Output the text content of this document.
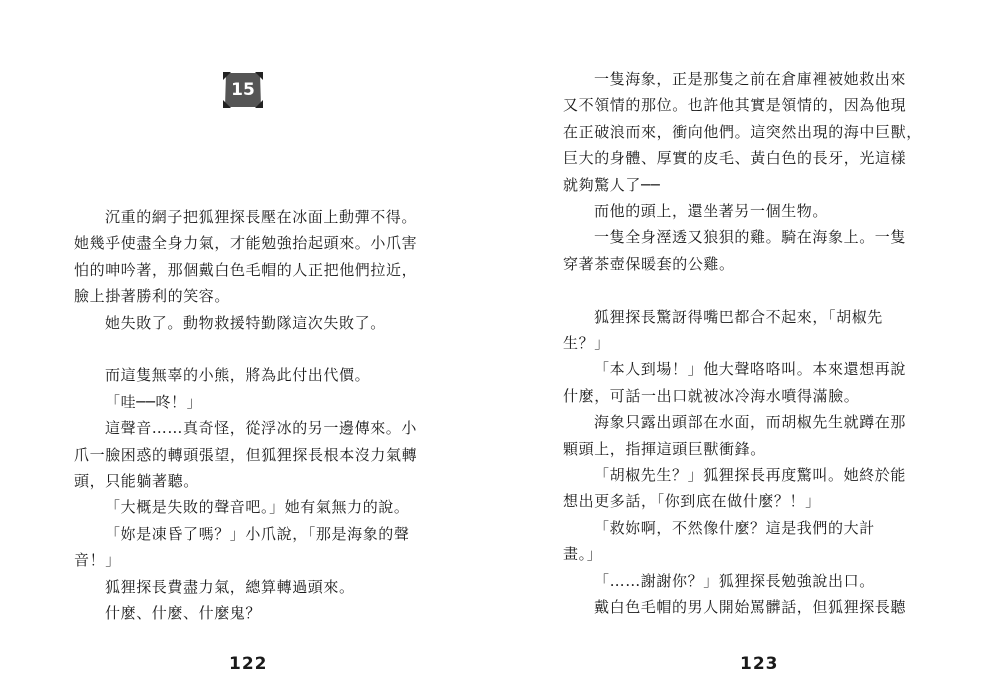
15

沉重的網子把狐狸探長壓在冰面上動彈不得。
她幾乎使盡全身力氣，才能勉強抬起頭來。小爪害
怕的呻吟著，那個戴白色毛帽的人正把他們拉近，
臉上掛著勝利的笑容。

她失敗了。動物救援特勤隊這次失敗了。

而這隻無辜的小熊，將為此付出代價。

「哇──咚！」

這聲音……真奇怪，從浮冰的另一邊傳來。小
爪一臉困惑的轉頭張望，但狐狸探長根本沒力氣轉
頭，只能躺著聽。

「大概是失敗的聲音吧。」她有氣無力的說。

「妳是凍昏了嗎？」小爪說，「那是海象的聲
音！」

狐狸探長費盡力氣，總算轉過頭來。

什麼、什麼、什麼鬼？

122

一隻海象，正是那隻之前在倉庫裡被她救出來
又不領情的那位。也許他其實是領情的，因為他現
在正破浪而來，衝向他們。這突然出現的海中巨獸，
巨大的身體、厚實的皮毛、黃白色的長牙，光這樣
就夠驚人了──

而他的頭上，還坐著另一個生物。

一隻全身溼透又狼狽的雞。騎在海象上。一隻
穿著茶壺保暖套的公雞。

狐狸探長驚訝得嘴巴都合不起來，「胡椒先
生？」

「本人到場！」他大聲咯咯叫。本來還想再說
什麼，可話一出口就被冰冷海水噴得滿臉。

海象只露出頭部在水面，而胡椒先生就蹲在那
顆頭上，指揮這頭巨獸衝鋒。

「胡椒先生？」狐狸探長再度驚叫。她終於能
想出更多話，「你到底在做什麼？！」

「救妳啊，不然像什麼？這是我們的大計
畫。」

「……謝謝你？」狐狸探長勉強說出口。

戴白色毛帽的男人開始罵髒話，但狐狸探長聽

123
